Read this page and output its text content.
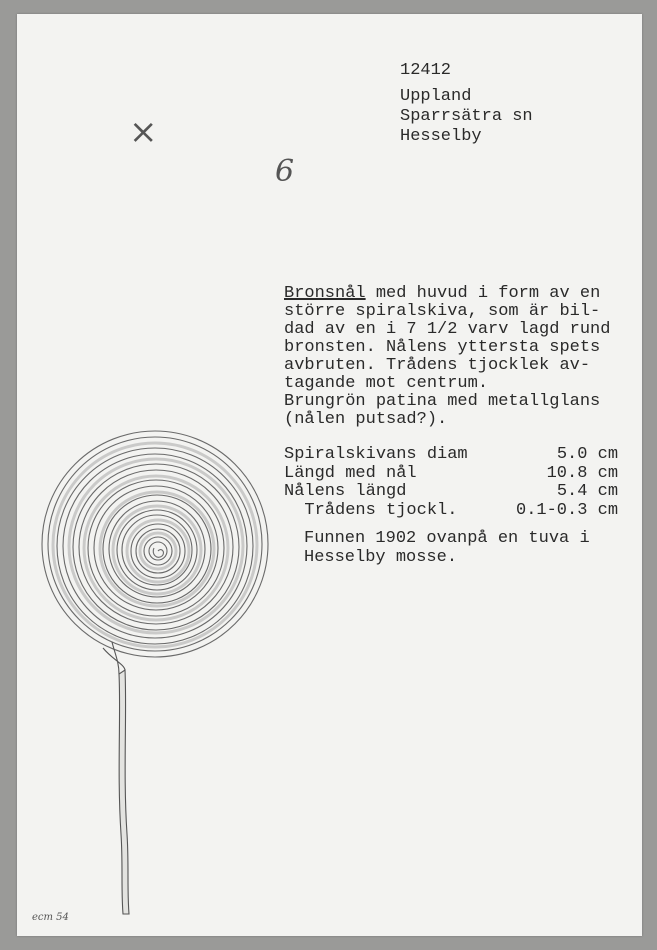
12412
Uppland
Sparrsätra sn
Hesselby
×
6
Bronsnål med huvud i form av en
större spiralskiva, som är bil-
dad av en i 7 1/2 varv lagd rund
bronsten. Nålens yttersta spets
avbruten. Trådens tjocklek av-
tagande mot centrum.
Brungrön patina med metallglans
(nålen putsad?).
Spiralskivans diam	5.0 cm
Längd med nål	10.8 cm
Nålens längd	5.4 cm
Trådens tjockl.	0.1-0.3 cm
Funnen 1902 ovanpå en tuva i
Hesselby mosse.
ecm 54
